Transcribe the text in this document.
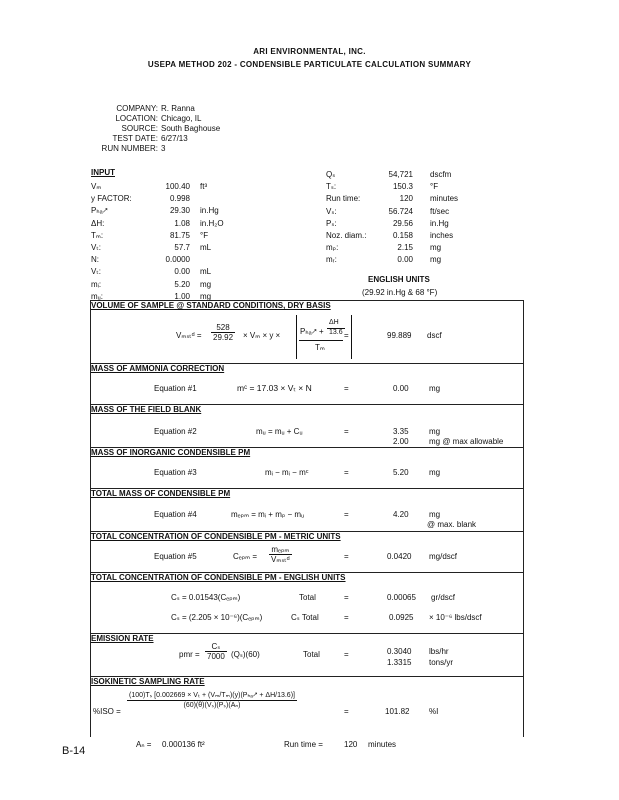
ARI ENVIRONMENTAL, INC.
USEPA METHOD 202 - CONDENSIBLE PARTICULATE CALCULATION SUMMARY
COMPANY: R. Ranna
LOCATION: Chicago, IL
SOURCE: South Baghouse
TEST DATE: 6/27/13
RUN NUMBER: 3
INPUT
Vₘ	100.40 ft³
y FACTOR:	0.998
Pₕₐ⭧	29.30 in.Hg
ΔH:	1.08 in.H₂O
Tₘ:	81.75 °F
Vₜ:	57.7 mL
N:	0.0000
Vₜ:	0.00 mL
mᵢ:	5.20 mg
mᵤ:	1.00 mg
Qₛ	54,721 dscfm
Tₛ:	150.3 °F
Run time:	120 minutes
Vₛ:	56.724 ft/sec
Pₛ:	29.56 in.Hg
Noz. diam.:	0.158 inches
mₚ:	2.15 mg
mᵣ:	0.00 mg
ENGLISH UNITS
(29.92 in.Hg & 68 °F)
VOLUME OF SAMPLE @ STANDARD CONDITIONS, DRY BASIS
Vₘₛₜᵈ = $\frac{528}{29.92} \times V_m \times y$ × Pₕₐ⭧ +
ΔH
13.6
Tₘ
=	99.889 dscf
MASS OF AMMONIA CORRECTION
Equation #1	mᶜ = 17.03 × Vₜ × N	=	0.00	mg
MASS OF THE FIELD BLANK
Equation #2	mᵤ = mᵤ + Cᵤ	=	3.35	mg
2.00	mg @ max allowable
MASS OF INORGANIC CONDENSIBLE PM
Equation #3	mᵢ − mᵢ − mᶜ	=	5.20	mg
TOTAL MASS OF CONDENSIBLE PM
Equation #4	mₑₚₘ = mᵢ + mₚ − mᵤ	=	4.20	mg
@ max. blank
TOTAL CONCENTRATION OF CONDENSIBLE PM - METRIC UNITS
Equation #5	$C_{epm} = \frac{\text{mₑₚₘ}}{\text{Vₘₛₜᵈ}}$	=	0.0420 mg/dscf
TOTAL CONCENTRATION OF CONDENSIBLE PM - ENGLISH UNITS
Cₛ = 0.01543(Cₑₚₘ)	Total	=	0.00065 gr/dscf
Cₛ = (2.205 × 10⁻⁶)(Cₑₚₘ)	Cₛ Total	=	0.0925 × 10⁻⁶ lbs/dscf
EMISSION RATE
pmr = $\frac{\text{Cₛ}}{7000} (Q_s)(60)$	Total	=	0.3040 lbs/hr
1.3315 tons/yr
ISOKINETIC SAMPLING RATE
%ISO =
$\frac{\text{(100)Tₛ [0.002669 × Vₜ + (Vₘ/Tₘ)(y)(Pₕₐ⭧ + ΔH/13.6)]}}{\text{(60)(θ)(Vₛ)(Pₛ)(Aₙ)}}$
=	101.82 %I
Aₙ = 0.000136 ft²	Run time =	120 minutes
B-14
